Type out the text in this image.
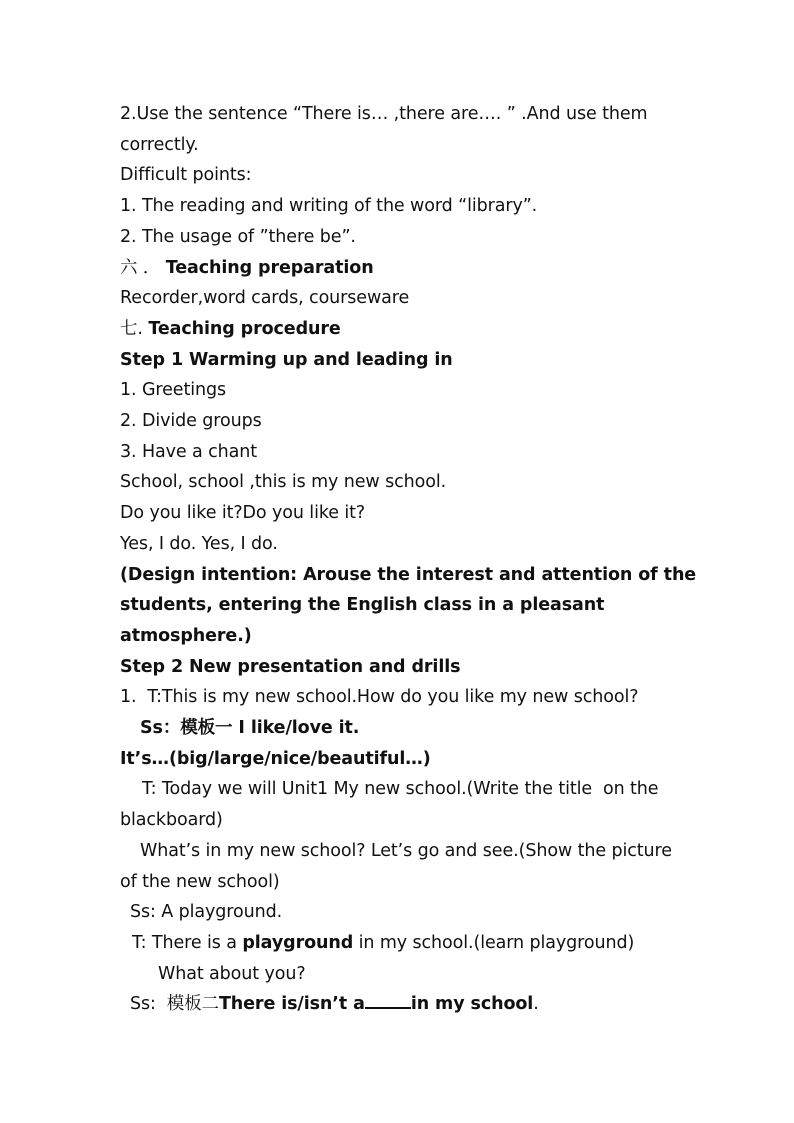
2.Use the sentence “There is… ,there are…. ” .And use them
correctly.
Difficult points:
1. The reading and writing of the word “library”.
2. The usage of ”there be”.
六 ． Teaching preparation
Recorder,word cards, courseware
七. Teaching procedure
Step 1 Warming up and leading in
1. Greetings
2. Divide groups
3. Have a chant
School, school ,this is my new school.
Do you like it?Do you like it?
Yes, I do. Yes, I do.
(Design intention: Arouse the interest and attention of the
students, entering the English class in a pleasant
atmosphere.)
Step 2 New presentation and drills
1.  T:This is my new school.How do you like my new school?
Ss：模板一 I like/love it.
It’s…(big/large/nice/beautiful…)
T: Today we will Unit1 My new school.(Write the title  on the
blackboard)
What’s in my new school? Let’s go and see.(Show the picture
of the new school)
Ss: A playground.
T: There is a playground in my school.(learn playground)
What about you?
Ss:  模板二There is/isn’t a	in my school.
